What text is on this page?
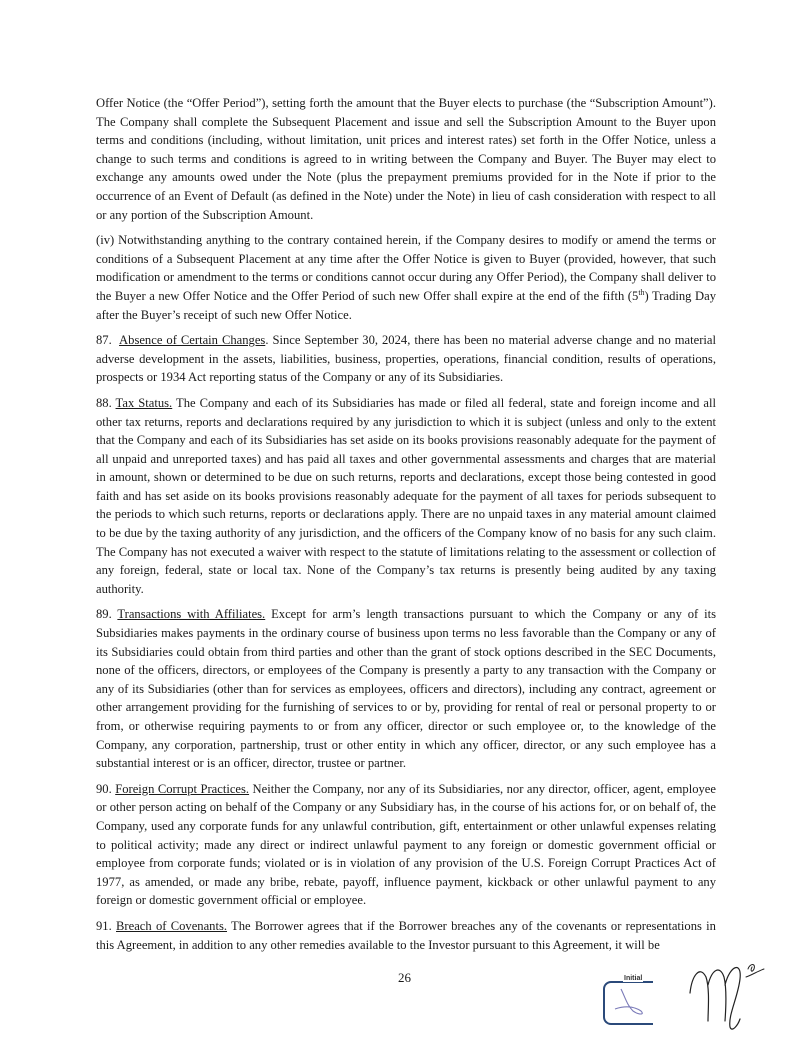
Offer Notice (the “Offer Period”), setting forth the amount that the Buyer elects to purchase (the “Subscription Amount”). The Company shall complete the Subsequent Placement and issue and sell the Subscription Amount to the Buyer upon terms and conditions (including, without limitation, unit prices and interest rates) set forth in the Offer Notice, unless a change to such terms and conditions is agreed to in writing between the Company and Buyer. The Buyer may elect to exchange any amounts owed under the Note (plus the prepayment premiums provided for in the Note if prior to the occurrence of an Event of Default (as defined in the Note) under the Note) in lieu of cash consideration with respect to all or any portion of the Subscription Amount.

(iv) Notwithstanding anything to the contrary contained herein, if the Company desires to modify or amend the terms or conditions of a Subsequent Placement at any time after the Offer Notice is given to Buyer (provided, however, that such modification or amendment to the terms or conditions cannot occur during any Offer Period), the Company shall deliver to the Buyer a new Offer Notice and the Offer Period of such new Offer shall expire at the end of the fifth (5th) Trading Day after the Buyer’s receipt of such new Offer Notice.

87. Absence of Certain Changes. Since September 30, 2024, there has been no material adverse change and no material adverse development in the assets, liabilities, business, properties, operations, financial condition, results of operations, prospects or 1934 Act reporting status of the Company or any of its Subsidiaries.

88. Tax Status. The Company and each of its Subsidiaries has made or filed all federal, state and foreign income and all other tax returns, reports and declarations required by any jurisdiction to which it is subject (unless and only to the extent that the Company and each of its Subsidiaries has set aside on its books provisions reasonably adequate for the payment of all unpaid and unreported taxes) and has paid all taxes and other governmental assessments and charges that are material in amount, shown or determined to be due on such returns, reports and declarations, except those being contested in good faith and has set aside on its books provisions reasonably adequate for the payment of all taxes for periods subsequent to the periods to which such returns, reports or declarations apply. There are no unpaid taxes in any material amount claimed to be due by the taxing authority of any jurisdiction, and the officers of the Company know of no basis for any such claim. The Company has not executed a waiver with respect to the statute of limitations relating to the assessment or collection of any foreign, federal, state or local tax. None of the Company’s tax returns is presently being audited by any taxing authority.

89. Transactions with Affiliates. Except for arm’s length transactions pursuant to which the Company or any of its Subsidiaries makes payments in the ordinary course of business upon terms no less favorable than the Company or any of its Subsidiaries could obtain from third parties and other than the grant of stock options described in the SEC Documents, none of the officers, directors, or employees of the Company is presently a party to any transaction with the Company or any of its Subsidiaries (other than for services as employees, officers and directors), including any contract, agreement or other arrangement providing for the furnishing of services to or by, providing for rental of real or personal property to or from, or otherwise requiring payments to or from any officer, director or such employee or, to the knowledge of the Company, any corporation, partnership, trust or other entity in which any officer, director, or any such employee has a substantial interest or is an officer, director, trustee or partner.

90. Foreign Corrupt Practices. Neither the Company, nor any of its Subsidiaries, nor any director, officer, agent, employee or other person acting on behalf of the Company or any Subsidiary has, in the course of his actions for, or on behalf of, the Company, used any corporate funds for any unlawful contribution, gift, entertainment or other unlawful expenses relating to political activity; made any direct or indirect unlawful payment to any foreign or domestic government official or employee from corporate funds; violated or is in violation of any provision of the U.S. Foreign Corrupt Practices Act of 1977, as amended, or made any bribe, rebate, payoff, influence payment, kickback or other unlawful payment to any foreign or domestic government official or employee.

91. Breach of Covenants. The Borrower agrees that if the Borrower breaches any of the covenants or representations in this Agreement, in addition to any other remedies available to the Investor pursuant to this Agreement, it will be

26	Initial
